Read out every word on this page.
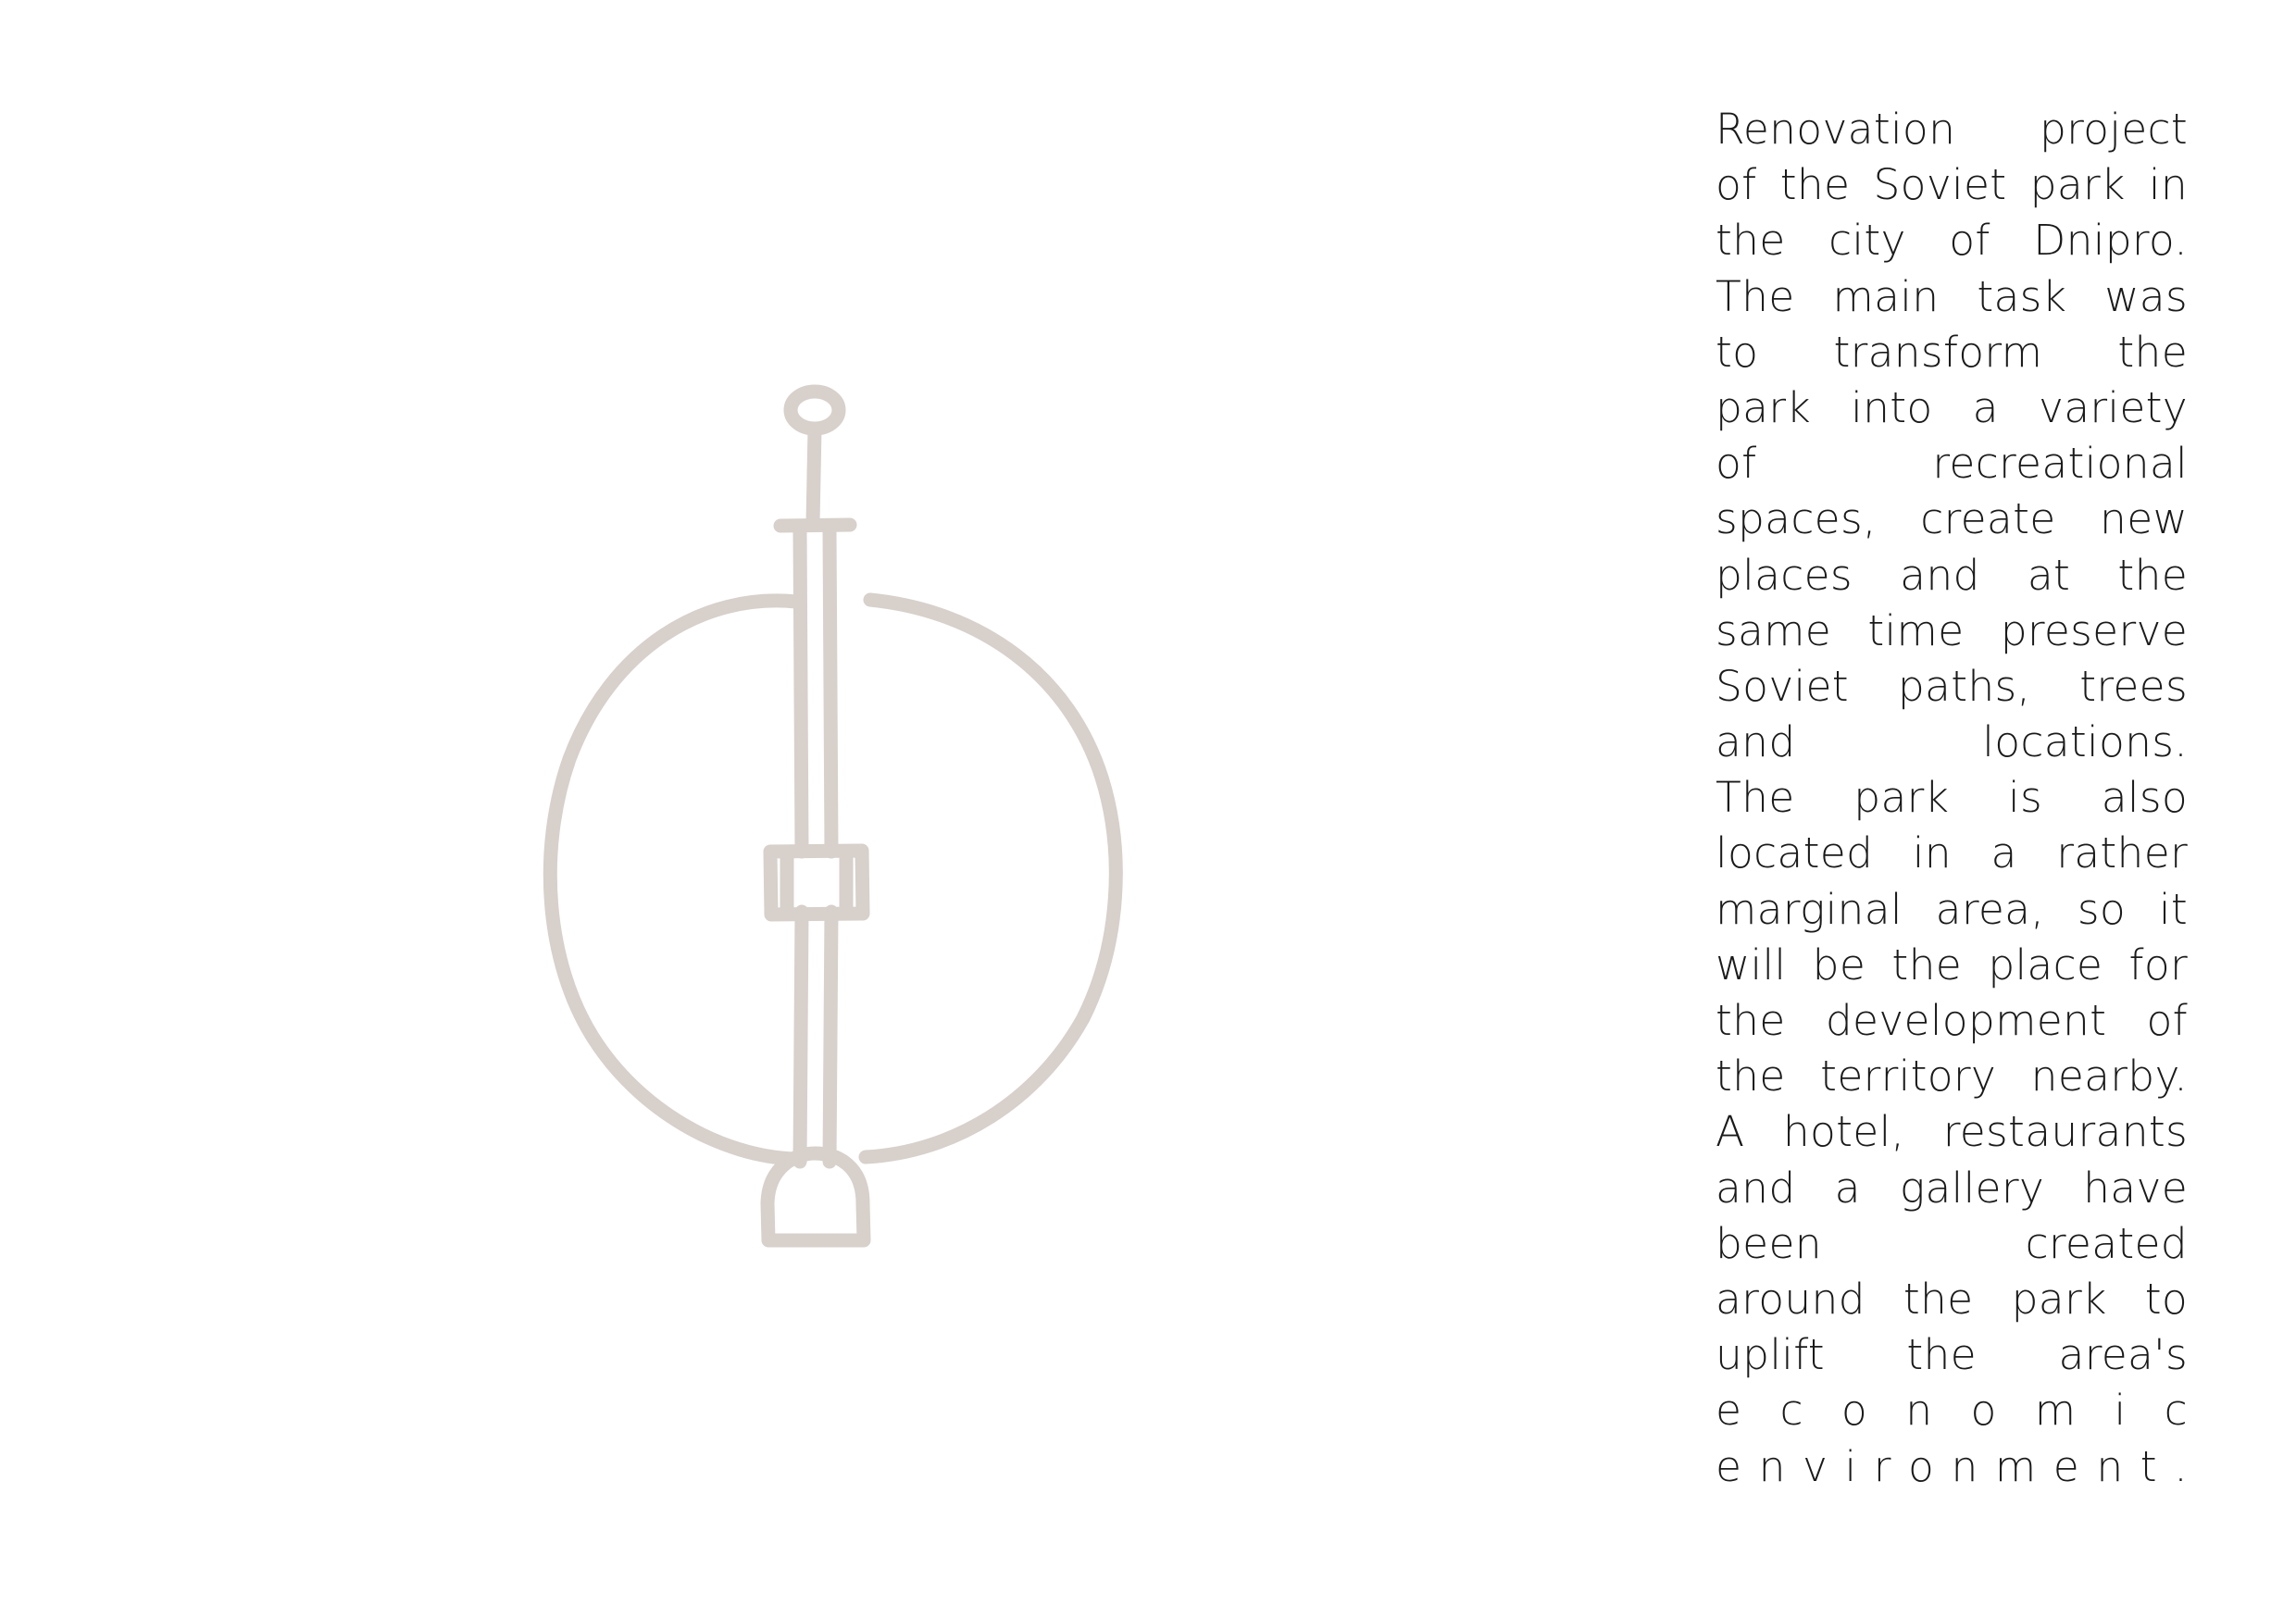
Renovation project
of the Soviet park in
the city of Dnipro.
The main task was
to transform the
park into a variety
of recreational
spaces, create new
places and at the
same time preserve
Soviet paths, trees
and locations.
The park is also
located in a rather
marginal area, so it
will be the place for
the development of
the territory nearby.
A hotel, restaurants
and a gallery have
been created
around the park to
uplift the area's
e c o n o m i c
e n v i r o n m e n t .
